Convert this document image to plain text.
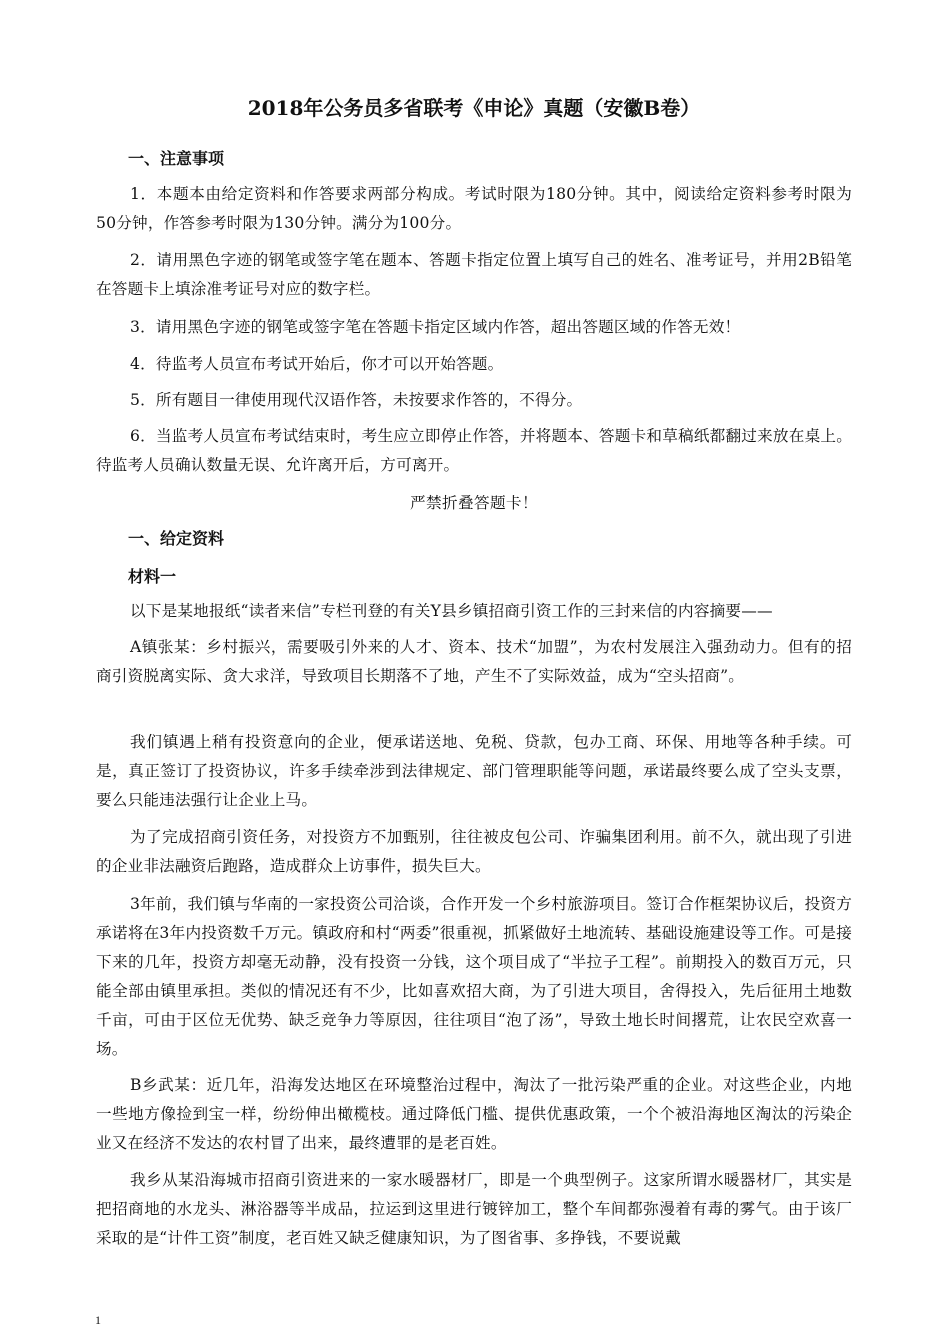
2018年公务员多省联考《申论》真题（安徽B卷）
一、注意事项

1．本题本由给定资料和作答要求两部分构成。考试时限为180分钟。其中，阅读给定资料参考时限为50分钟，作答参考时限为130分钟。满分为100分。

2．请用黑色字迹的钢笔或签字笔在题本、答题卡指定位置上填写自己的姓名、准考证号，并用2B铅笔在答题卡上填涂准考证号对应的数字栏。

3．请用黑色字迹的钢笔或签字笔在答题卡指定区域内作答，超出答题区域的作答无效！

4．待监考人员宣布考试开始后，你才可以开始答题。

5．所有题目一律使用现代汉语作答，未按要求作答的，不得分。

6．当监考人员宣布考试结束时，考生应立即停止作答，并将题本、答题卡和草稿纸都翻过来放在桌上。待监考人员确认数量无误、允许离开后，方可离开。

严禁折叠答题卡！
一、给定资料
材料一

以下是某地报纸“读者来信”专栏刊登的有关Y县乡镇招商引资工作的三封来信的内容摘要——

A镇张某：乡村振兴，需要吸引外来的人才、资本、技术“加盟”，为农村发展注入强劲动力。但有的招商引资脱离实际、贪大求洋，导致项目长期落不了地，产生不了实际效益，成为“空头招商”。

我们镇遇上稍有投资意向的企业，便承诺送地、免税、贷款，包办工商、环保、用地等各种手续。可是，真正签订了投资协议，许多手续牵涉到法律规定、部门管理职能等问题，承诺最终要么成了空头支票，要么只能违法强行让企业上马。

为了完成招商引资任务，对投资方不加甄别，往往被皮包公司、诈骗集团利用。前不久，就出现了引进的企业非法融资后跑路，造成群众上访事件，损失巨大。

3年前，我们镇与华南的一家投资公司洽谈，合作开发一个乡村旅游项目。签订合作框架协议后，投资方承诺将在3年内投资数千万元。镇政府和村“两委”很重视，抓紧做好土地流转、基础设施建设等工作。可是接下来的几年，投资方却毫无动静，没有投资一分钱，这个项目成了“半拉子工程”。前期投入的数百万元，只能全部由镇里承担。类似的情况还有不少，比如喜欢招大商，为了引进大项目，舍得投入，先后征用土地数千亩，可由于区位无优势、缺乏竞争力等原因，往往项目“泡了汤”，导致土地长时间撂荒，让农民空欢喜一场。

B乡武某：近几年，沿海发达地区在环境整治过程中，淘汰了一批污染严重的企业。对这些企业，内地一些地方像捡到宝一样，纷纷伸出橄榄枝。通过降低门槛、提供优惠政策，一个个被沿海地区淘汰的污染企业又在经济不发达的农村冒了出来，最终遭罪的是老百姓。

我乡从某沿海城市招商引资进来的一家水暖器材厂，即是一个典型例子。这家所谓水暖器材厂，其实是把招商地的水龙头、淋浴器等半成品，拉运到这里进行镀锌加工，整个车间都弥漫着有毒的雾气。由于该厂采取的是“计件工资”制度，老百姓又缺乏健康知识，为了图省事、多挣钱，不要说戴

1
